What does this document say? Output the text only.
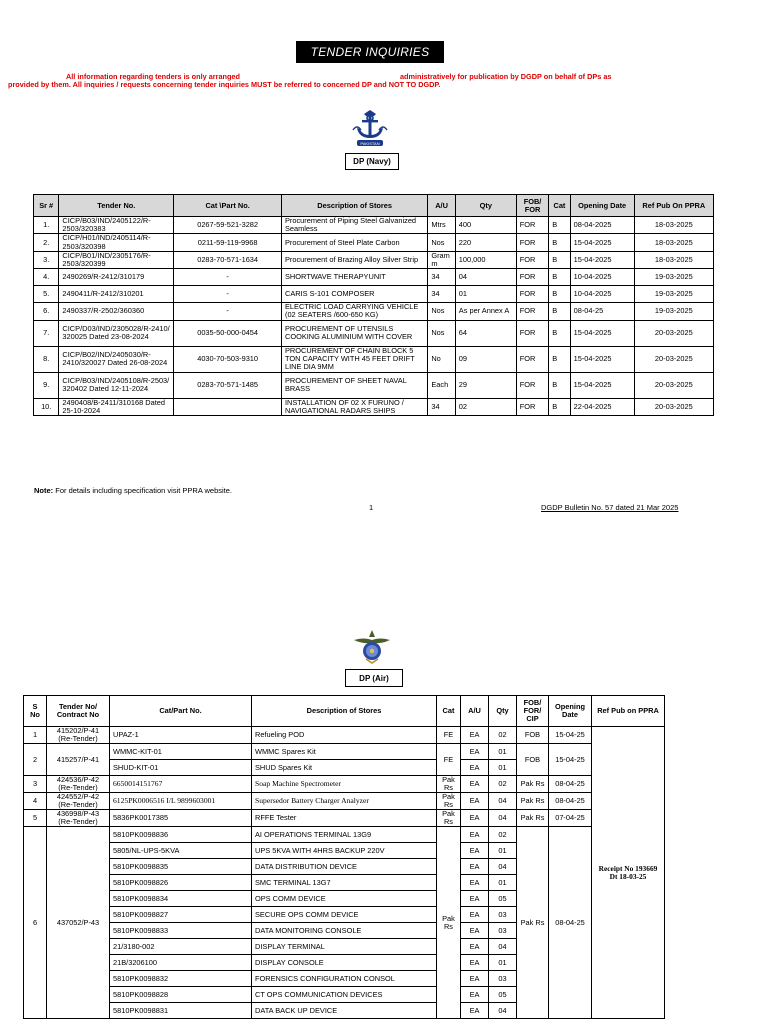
TENDER INQUIRIES
All information regarding tenders is only arranged	administratively for publication by DGDP on behalf of DPs as
provided by them. All inquiries / requests concerning tender inquiries MUST be referred to concerned DP and NOT TO DGDP.
PAKISTAN
DP (Navy)
Sr #	Tender No.	Cat \Part No.	Description of Stores	A/U	Qty	FOB/ FOR	Cat	Opening Date	Ref Pub On PPRA
1.	CICP/B03/IND/2405122/R-2503/320383	0267-59-521-3282	Procurement of Piping Steel Galvanized Seamless	Mtrs	400	FOR	B	08-04-2025	18-03-2025
2.	CICP/H01/IND/2405114/R-2503/320398	0211-59-119-9968	Procurement of Steel Plate Carbon	Nos	220	FOR	B	15-04-2025	18-03-2025
3.	CICP/B01/IND/2305176/R-2503/320399	0283-70-571-1634	Procurement of Brazing Alloy Silver Strip	Gram m	100,000	FOR	B	15-04-2025	18-03-2025
4.	2490269/R-2412/310179	-	SHORTWAVE THERAPYUNIT	34	04	FOR	B	10-04-2025	19-03-2025
5.	2490411/R-2412/310201	-	CARIS S-101 COMPOSER	34	01	FOR	B	10-04-2025	19-03-2025
6.	2490337/R-2502/360360	-	ELECTRIC LOAD CARRYING VEHICLE (02 SEATERS /600-650 KG)	Nos	As per Annex A	FOR	B	08-04-25	19-03-2025
7.	CICP/D03/IND/2305028/R-2410/ 320025 Dated 23-08-2024	0035-50-000-0454	PROCUREMENT OF UTENSILS COOKING ALUMINIUM WITH COVER	Nos	64	FOR	B	15-04-2025	20-03-2025
8.	CICP/B02/IND/2405030/R-2410/320027 Dated 26-08-2024	4030-70-503-9310	PROCUREMENT OF CHAIN BLOCK 5 TON CAPACITY WITH 45 FEET DRIFT LINE DIA 9MM	No	09	FOR	B	15-04-2025	20-03-2025
9.	CICP/B03/IND/2405108/R-2503/ 320402 Dated 12-11-2024	0283-70-571-1485	PROCUREMENT OF SHEET NAVAL BRASS	Each	29	FOR	B	15-04-2025	20-03-2025
10.	2490408/B-2411/310168 Dated 25-10-2024		INSTALLATION OF 02 X FURUNO / NAVIGATIONAL RADARS SHIPS	34	02	FOR	B	22-04-2025	20-03-2025
Note: For details including specification visit PPRA website.
1	DGDP Bulletin No. 57 dated 21 Mar 2025
DP (Air)
S No	Tender No/ Contract No	Cat/Part No.	Description of Stores	Cat	A/U	Qty	FOB/ FOR/ CIP	Opening Date	Ref Pub on PPRA
1	415202/P-41 (Re-Tender)	UPAZ-1	Refueling POD	FE	EA	02	FOB	15-04-25	Receipt No 193669 Dt 18-03-25

2	415257/P-41	WMMC-KIT-01	WMMC Spares Kit	FE	EA	01	FOB	15-04-25	
		SHUD-KIT-01	SHUD Spares Kit		EA	01			
3	424536/P-42 (Re-Tender)	6650014151767	Soap Machine Spectrometer	Pak Rs	EA	02	Pak Rs	08-04-25	
4	424552/P-42 (Re-Tender)	6125PK0006516 I/L 9899603001	Supersedor Battery Charger Analyzer	Pak Rs	EA	04	Pak Rs	08-04-25	
5	436998/P-43 (Re-Tender)	5836PK0017385	RFFE Tester	Pak Rs	EA	04	Pak Rs	07-04-25	
6	437052/P-43	5810PK0098836	AI OPERATIONS TERMINAL 13G9	Pak Rs	EA	02	Pak Rs	08-04-25	
		5805/NL-UPS-5KVA	UPS 5KVA WITH 4HRS BACKUP 220V		EA	01			
		5810PK0098835	DATA DISTRIBUTION DEVICE		EA	04			
		5810PK0098826	SMC TERMINAL 13G7		EA	01			
		5810PK0098834	OPS COMM DEVICE		EA	05			
		5810PK0098827	SECURE OPS COMM DEVICE		EA	03			
		5810PK0098833	DATA MONITORING CONSOLE		EA	03			
		21/3180-002	DISPLAY TERMINAL		EA	04			
		21B/3206100	DISPLAY CONSOLE		EA	01			
		5810PK0098832	FORENSICS CONFIGURATION CONSOL		EA	03			
		5810PK0098828	CT OPS COMMUNICATION DEVICES		EA	05			
		5810PK0098831	DATA BACK UP DEVICE		EA	04			
